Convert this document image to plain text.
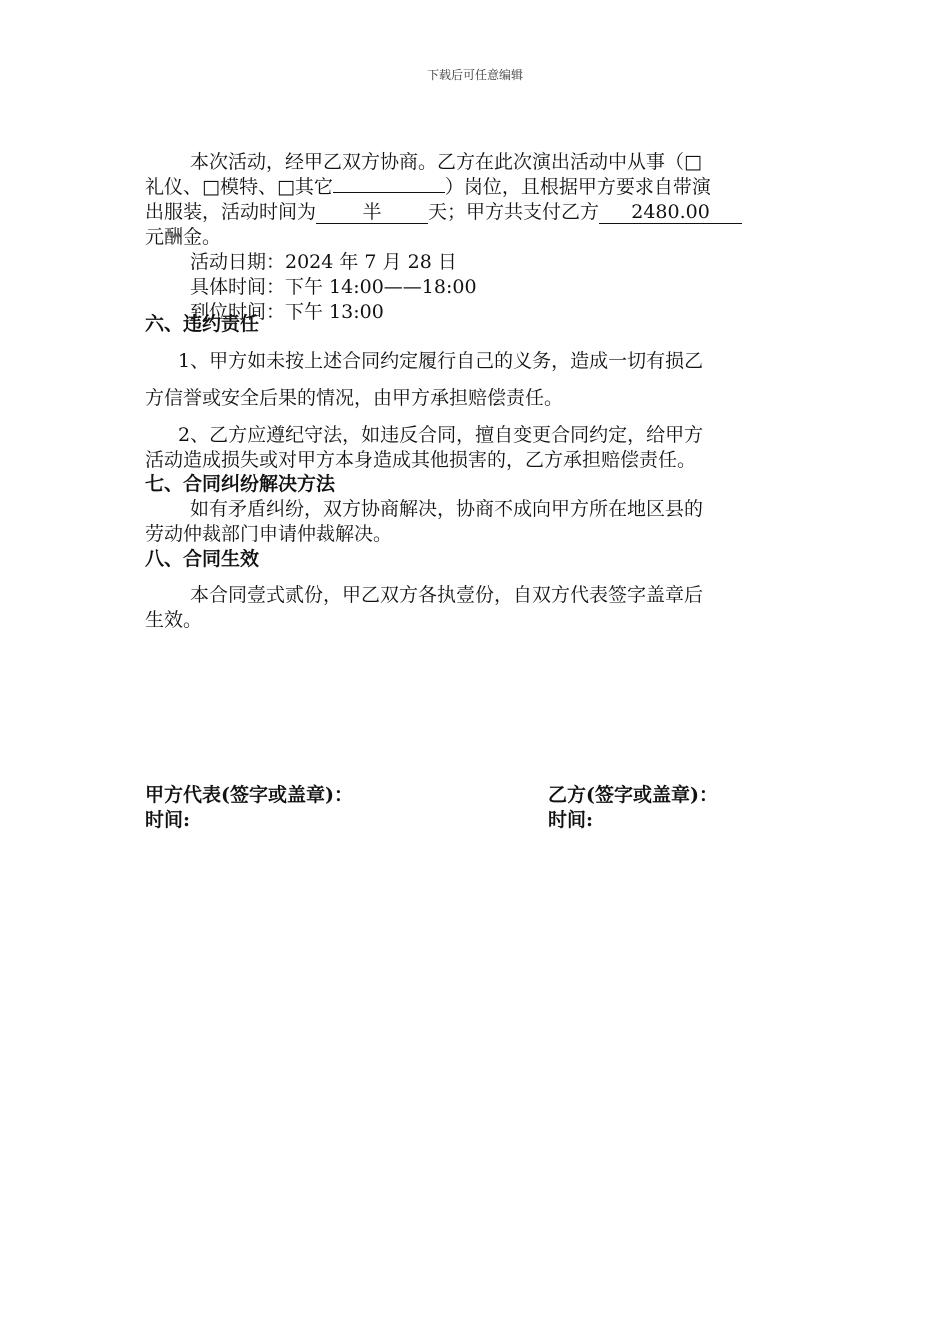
下载后可任意编辑
本次活动，经甲乙双方协商。乙方在此次演出活动中从事（□
礼仪、□模特、□其它	）岗位，且根据甲方要求自带演
出服装，活动时间为 半 天；甲方共支付乙方 2480.00
元酬金。
活动日期：2024 年 7 月 28 日
具体时间：下午 14:00——18:00
到位时间：下午 13:00
六、违约责任
1、甲方如未按上述合同约定履行自己的义务，造成一切有损乙
方信誉或安全后果的情况，由甲方承担赔偿责任。
2、乙方应遵纪守法，如违反合同，擅自变更合同约定，给甲方
活动造成损失或对甲方本身造成其他损害的，乙方承担赔偿责任。
七、合同纠纷解决方法
如有矛盾纠纷，双方协商解决，协商不成向甲方所在地区县的
劳动仲裁部门申请仲裁解决。
八、合同生效
本合同壹式贰份，甲乙双方各执壹份，自双方代表签字盖章后
生效。
甲方代表(签字或盖章)：	乙方(签字或盖章)：
时间:	时间:
